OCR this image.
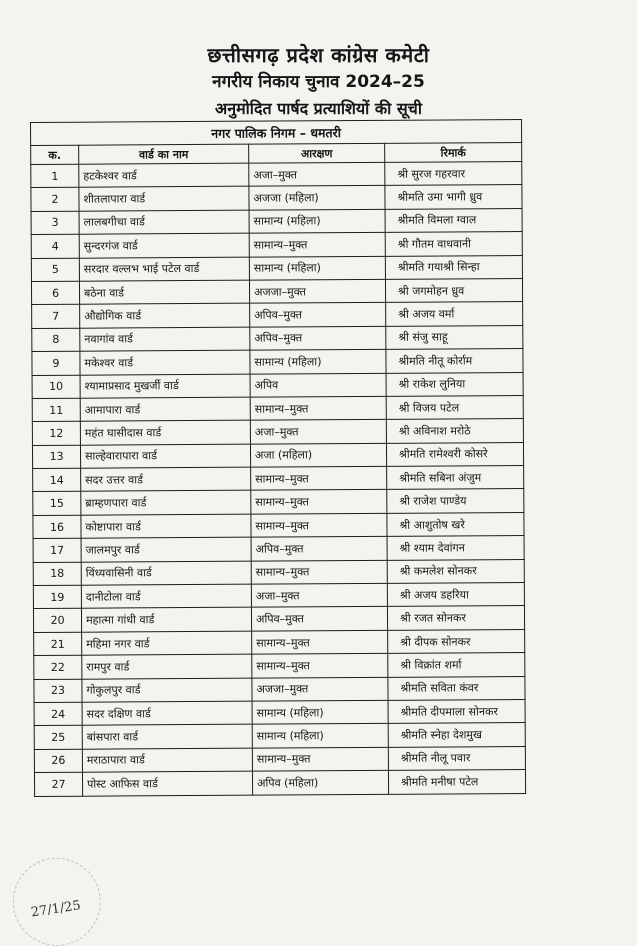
छत्तीसगढ़ प्रदेश कांग्रेस कमेटी
नगरीय निकाय चुनाव 2024–25
अनुमोदित पार्षद प्रत्याशियों की सूची
नगर पालिक निगम – धमतरी			
क.	वार्ड का नाम	आरक्षण	रिमार्क
1	हटकेश्वर वार्ड	अजा–मुक्त	श्री सुरज गहरवार
2	शीतलापारा वार्ड	अजजा (महिला)	श्रीमति उमा भागी ध्रुव
3	लालबगीचा वार्ड	सामान्य (महिला)	श्रीमति विमला ग्वाल
4	सुन्दरगंज वार्ड	सामान्य–मुक्त	श्री गौतम वाधवानी
5	सरदार वल्लभ भाई पटेल वार्ड	सामान्य (महिला)	श्रीमति गयाश्री सिन्हा
6	बठेना वार्ड	अजजा–मुक्त	श्री जगमोहन ध्रुव
7	औद्योगिक वार्ड	अपिव–मुक्त	श्री अजय वर्मा
8	नवागांव वार्ड	अपिव–मुक्त	श्री संजु साहू
9	मकेश्वर वार्ड	सामान्य (महिला)	श्रीमति नीतू कोर्राम
10	श्यामाप्रसाद मुखर्जी वार्ड	अपिव	श्री राकेश लुनिया
11	आमापारा वार्ड	सामान्य–मुक्त	श्री विजय पटेल
12	महंत घासीदास वार्ड	अजा–मुक्त	श्री अविनाश मरोठे
13	साल्हेवारापारा वार्ड	अजा (महिला)	श्रीमति रामेश्वरी कोसरे
14	सदर उत्तर वार्ड	सामान्य–मुक्त	श्रीमति सबिना अंजुम
15	ब्राम्हणपारा वार्ड	सामान्य–मुक्त	श्री राजेश पाण्डेय
16	कोष्टापारा वार्ड	सामान्य–मुक्त	श्री आशुतोष खरे
17	जालमपुर वार्ड	अपिव–मुक्त	श्री श्याम देवांगन
18	विंध्यवासिनी वार्ड	सामान्य–मुक्त	श्री कमलेश सोनकर
19	दानीटोला वार्ड	अजा–मुक्त	श्री अजय डहरिया
20	महात्मा गांधी वार्ड	अपिव–मुक्त	श्री रजत सोनकर
21	महिमा नगर वार्ड	सामान्य–मुक्त	श्री दीपक सोनकर
22	रामपुर वार्ड	सामान्य–मुक्त	श्री विक्रांत शर्मा
23	गोकुलपुर वार्ड	अजजा–मुक्त	श्रीमति सविता कंवर
24	सदर दक्षिण वार्ड	सामान्य (महिला)	श्रीमति दीपमाला सोनकर
25	बांसपारा वार्ड	सामान्य (महिला)	श्रीमति स्नेहा देशमुख
26	मराठापारा वार्ड	सामान्य–मुक्त	श्रीमति नीलू पवार
27	पोस्ट आफिस वार्ड	अपिव (महिला)	श्रीमति मनीषा पटेल
27/1/25
